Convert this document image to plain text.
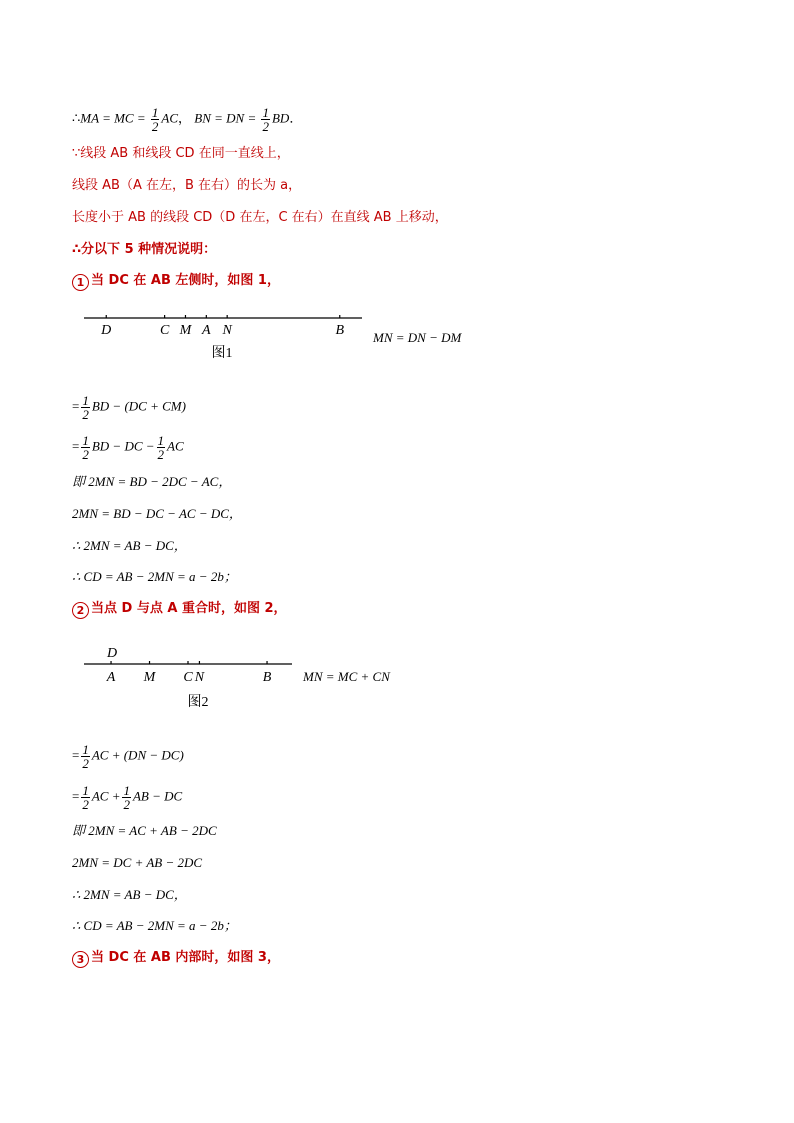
∴MA = MC = $\frac{1}{2}$ AC， BN = DN = $\frac{1}{2}$ BD．
∵线段 AB 和线段 CD 在同一直线上，
线段 AB（A 在左，B 在右）的长为 a，
长度小于 AB 的线段 CD（D 在左，C 在右）在直线 AB 上移动，
∴分以下 5 种情况说明：
1 当 DC 在 AB 左侧时，如图 1，
D	C M A N	B
图1
MN = DN − DM
= $\frac{1}{2}$ BD − (DC + CM)
= $\frac{1}{2}$ BD − DC − $\frac{1}{2}$ AC
即 2MN = BD − 2DC − AC，
2MN = BD − DC − AC − DC，
∴ 2MN = AB − DC，
∴ CD = AB − 2MN = a − 2b；
2 当点 D 与点 A 重合时，如图 2，
D
A M C N	B
图2
MN = MC + CN
= $\frac{1}{2}$ AC + (DN − DC)
= $\frac{1}{2}$ AC + $\frac{1}{2}$ AB − DC
即 2MN = AC + AB − 2DC
2MN = DC + AB − 2DC
∴ 2MN = AB − DC，
∴ CD = AB − 2MN = a − 2b；
3 当 DC 在 AB 内部时，如图 3，
